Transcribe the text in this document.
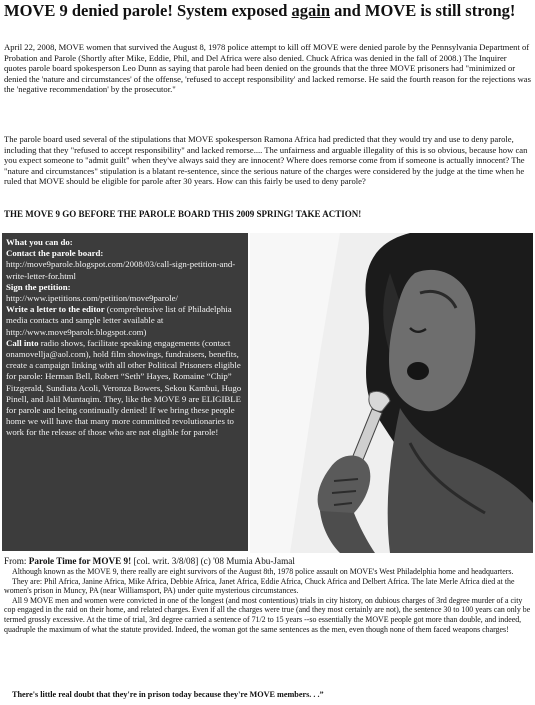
MOVE 9 denied parole! System exposed again and MOVE is still strong!

April 22, 2008, MOVE women that survived the August 8, 1978 police attempt to kill off MOVE were denied parole by the Pennsylvania Department of Probation and Parole (Shortly after Mike, Eddie, Phil, and Del Africa were also denied. Chuck Africa was denied in the fall of 2008.) The Inquirer quotes parole board spokesperson Leo Dunn as saying that parole had been denied on the grounds that the three MOVE prisoners had "minimized or denied the 'nature and circumstances' of the offense, 'refused to accept responsibility' and lacked remorse. He said the fourth reason for the rejections was the 'negative recommendation' by the prosecutor."

The parole board used several of the stipulations that MOVE spokesperson Ramona Africa had predicted that they would try and use to deny parole, including that they "refused to accept responsibility" and lacked remorse.... The unfairness and arguable illegality of this is so obvious, because how can you expect someone to "admit guilt" when they've always said they are innocent? Where does remorse come from if someone is actually innocent? The "nature and circumstances" stipulation is a blatant re-sentence, since the serious nature of the charges were considered by the judge at the time when he ruled that MOVE should be eligible for parole after 30 years. How can this fairly be used to deny parole?

THE MOVE 9 GO BEFORE THE PAROLE BOARD THIS 2009 SPRING! TAKE ACTION!

What you can do:
Contact the parole board:
http://move9parole.blogspot.com/2008/03/call-sign-petition-and-write-letter-for.html
Sign the petition:
http://www.ipetitions.com/petition/move9parole/
Write a letter to the editor (comprehensive list of Philadelphia media contacts and sample letter available at http://www.move9parole.blogspot.com)
Call into radio shows, facilitate speaking engagements (contact onamovellja@aol.com), hold film showings, fundraisers, benefits, create a campaign linking with all other Political Prisoners eligible for parole: Herman Bell, Robert “Seth” Hayes, Romaine “Chip” Fitzgerald, Sundiata Acoli, Veronza Bowers, Sekou Kambui, Hugo Pinell, and Jalil Muntaqim. They, like the MOVE 9 are ELIGIBLE for parole and being continually denied! If we bring these people home we will have that many more committed revolutionaries to work for the release of those who are not eligible for parole!

From: Parole Time for MOVE 9! [col. writ. 3/8/08] (c) '08 Mumia Abu-Jamal

Although known as the MOVE 9, there really are eight survivors of the August 8th, 1978 police assault on MOVE's West Philadelphia home and headquarters.
They are: Phil Africa, Janine Africa, Mike Africa, Debbie Africa, Janet Africa, Eddie Africa, Chuck Africa and Delbert Africa. The late Merle Africa died at the women's prison in Muncy, PA (near Williamsport, PA) under quite mysterious circumstances.
All 9 MOVE men and women were convicted in one of the longest (and most contentious) trials in city history, on dubious charges of 3rd degree murder of a city cop engaged in the raid on their home, and related charges. Even if all the charges were true (and they most certainly are not), the sentence 30 to 100 years can only be termed grossly excessive. At the time of trial, 3rd degree carried a sentence of 71/2 to 15 years --so essentially the MOVE people got more than double, and indeed, quadruple the maximum of what the statute provided. Indeed, the woman got the same sentences as the men, even though none of them faced weapons charges!

There's little real doubt that they're in prison today because they're MOVE members. . .”
